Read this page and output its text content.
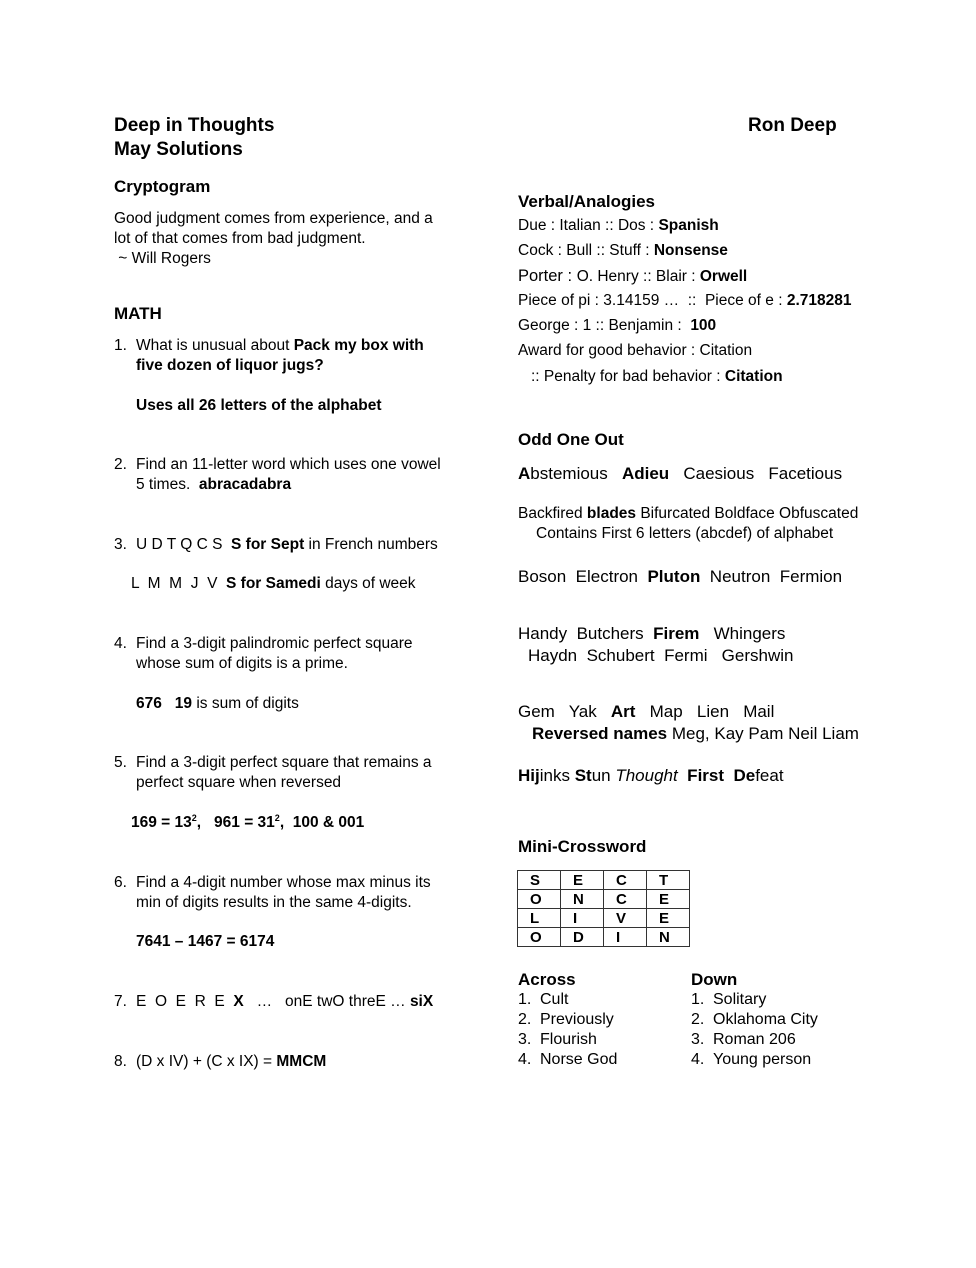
Deep in Thoughts
May Solutions
Ron Deep
Cryptogram
Good judgment comes from experience, and a
lot of that comes from bad judgment.
~ Will Rogers
MATH
1. What is unusual about Pack my box with
five dozen of liquor jugs?
Uses all 26 letters of the alphabet
2. Find an 11-letter word which uses one vowel
5 times.  abracadabra
3. U D T Q C S  S for Sept in French numbers
L  M  M  J  V  S for Samedi days of week
4. Find a 3-digit palindromic perfect square
whose sum of digits is a prime.
676 19 is sum of digits
5. Find a 3-digit perfect square that remains a
perfect square when reversed
$169 = 13^2$,   $961 = 31^2$,  100 & 001
6. Find a 4-digit number whose max minus its
min of digits results in the same 4-digits.
7641 – 1467 = 6174
7. E  O  E  R  E  X   …   onE twO threE … siX
8. (D x IV) + (C x IX) = MMCM
Verbal/Analogies
Due : Italian :: Dos : Spanish
Cock : Bull :: Stuff : Nonsense
Porter : O. Henry :: Blair : Orwell
Piece of pi : 3.14159 …  ::  Piece of e : 2.718281
George : 1 :: Benjamin :  100
Award for good behavior : Citation
:: Penalty for bad behavior : Citation
Odd One Out
Abstemious Adieu Caesious Facetious
Backfired blades Bifurcated Boldface Obfuscated
Contains First 6 letters (abcdef) of alphabet
Boson  Electron  Pluton  Neutron  Fermion
Handy  Butchers  Firem   Whingers
Haydn  Schubert  Fermi   Gershwin
Gem   Yak   Art   Map   Lien   Mail
Reversed names Meg, Kay Pam Neil Liam
Hijinks Stun Thought  First  Defeat
Mini-Crossword
S	E	C	T
O	N	C	E
L	I	V	E
O	D	I	N
Across
1. Cult
2. Previously
3. Flourish
4. Norse God
Down
1. Solitary
2. Oklahoma City
3. Roman 206
4. Young person
